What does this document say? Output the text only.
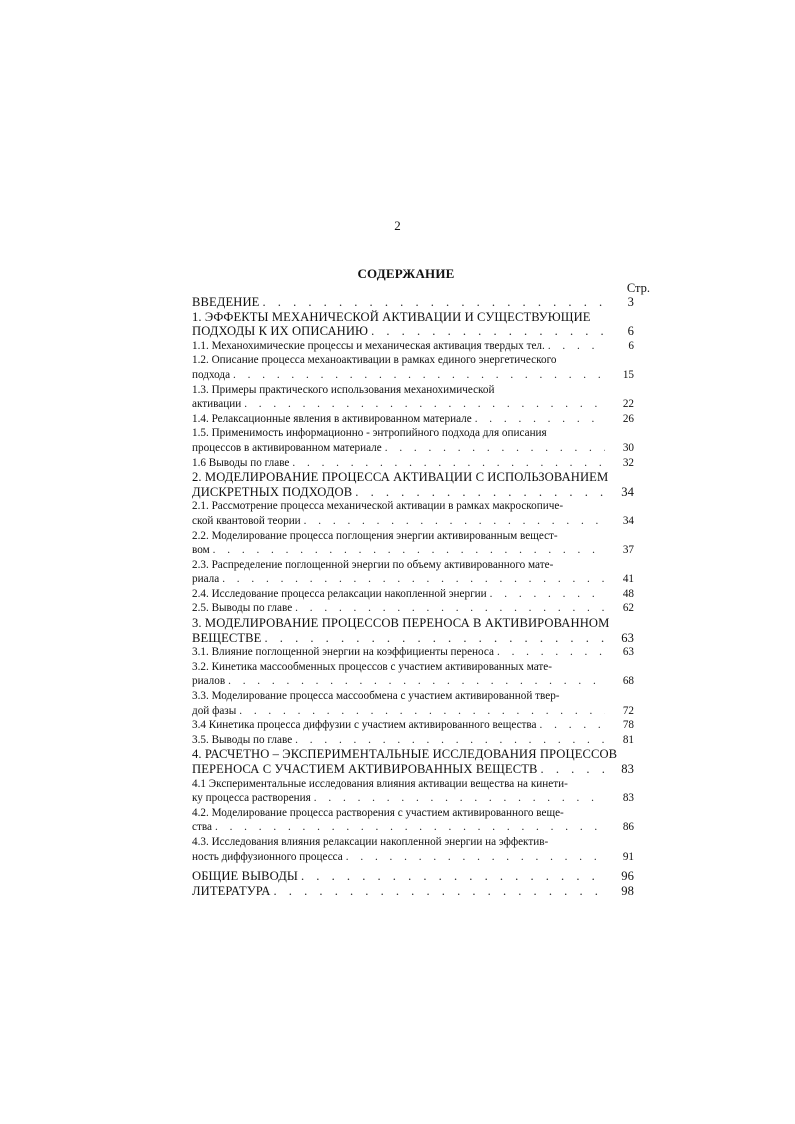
2
СОДЕРЖАНИЕ
Стр.
ВВЕДЕНИЕ . . .	3
1. ЭФФЕКТЫ МЕХАНИЧЕСКОЙ АКТИВАЦИИ И СУЩЕСТВУЮЩИЕ
ПОДХОДЫ К ИХ ОПИСАНИЮ . . .	6
1.1. Механохимические процессы и механическая активация твердых тел. . . .	6
1.2. Описание процесса механоактивации в рамках единого энергетического
подхода . . .	15
1.3. Примеры практического использования механохимической
активации . . .	22
1.4. Релаксационные явления в активированном материале . . .	26
1.5. Применимость информационно - энтропийного подхода для описания
процессов в активированном материале . . .	30
1.6 Выводы по главе . . .	32
2. МОДЕЛИРОВАНИЕ ПРОЦЕССА АКТИВАЦИИ С ИСПОЛЬЗОВАНИЕМ
ДИСКРЕТНЫХ ПОДХОДОВ . . .	34
2.1. Рассмотрение процесса механической активации в рамках макроскопиче-
ской квантовой теории . . .	34
2.2. Моделирование процесса поглощения энергии активированным вещест-
вом . . .	37
2.3. Распределение поглощенной энергии по объему активированного мате-
риала . . .	41
2.4. Исследование процесса релаксации накопленной энергии . . .	48
2.5. Выводы по главе . . .	62
3. МОДЕЛИРОВАНИЕ ПРОЦЕССОВ ПЕРЕНОСА В АКТИВИРОВАННОМ
ВЕЩЕСТВЕ . . .	63
3.1. Влияние поглощенной энергии на коэффициенты переноса . . .	63
3.2. Кинетика массообменных процессов с участием активированных мате-
риалов . . .	68
3.3. Моделирование процесса массообмена с участием активированной твер-
дой фазы . . .	72
3.4 Кинетика процесса диффузии с участием активированного вещества . . .	78
3.5. Выводы по главе . . .	81
4. РАСЧЕТНО – ЭКСПЕРИМЕНТАЛЬНЫЕ ИССЛЕДОВАНИЯ ПРОЦЕССОВ
ПЕРЕНОСА С УЧАСТИЕМ АКТИВИРОВАННЫХ ВЕЩЕСТВ . . .	83
4.1 Экспериментальные исследования влияния активации вещества на кинети-
ку процесса растворения . . .	83
4.2. Моделирование процесса растворения с участием активированного веще-
ства . . .	86
4.3. Исследования влияния релаксации накопленной энергии на эффектив-
ность диффузионного процесса . . .	91
ОБЩИЕ ВЫВОДЫ . . .	96
ЛИТЕРАТУРА . . .	98
